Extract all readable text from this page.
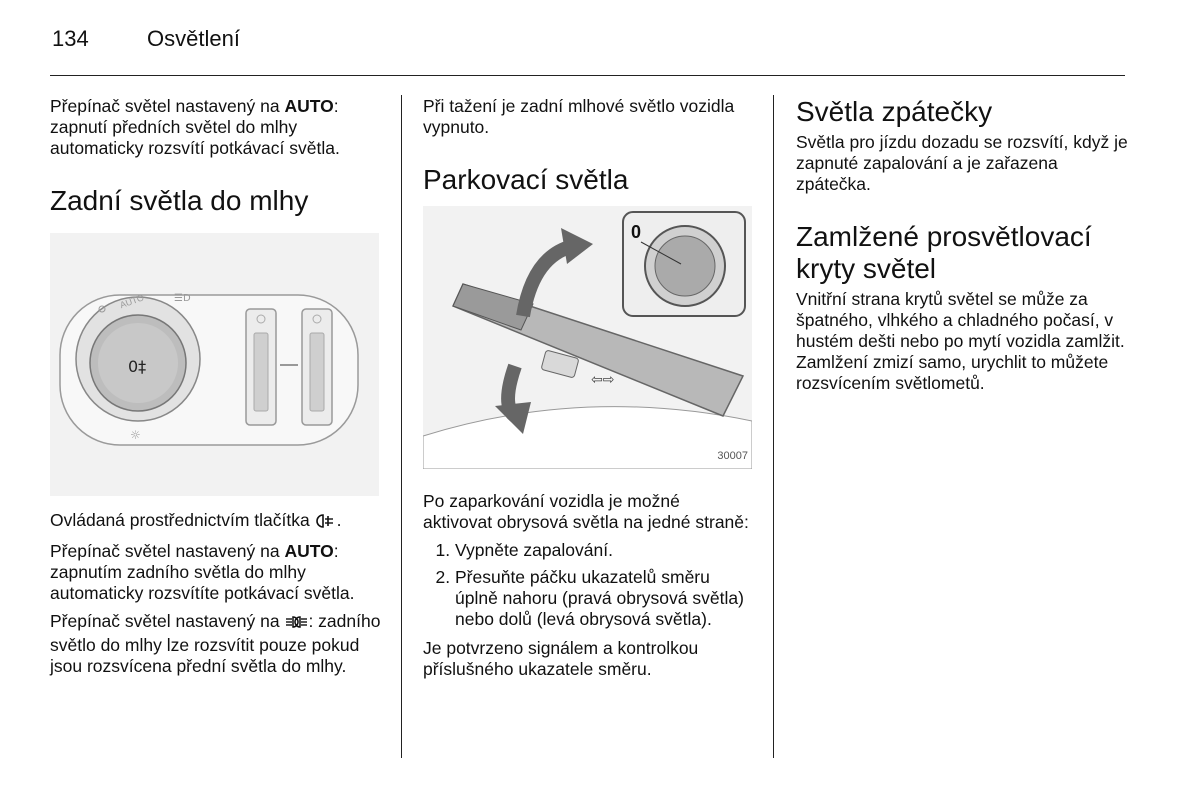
134	Osvětlení

Přepínač světel nastavený na AUTO: zapnutí předních světel do mlhy automaticky rozsvítí potkávací světla.

Zadní světla do mlhy
AUTO	☰D
0‡
☼

Ovládaná prostřednictvím tlačítka .

Přepínač světel nastavený na AUTO: zapnutím zadního světla do mlhy automaticky rozsvítíte potkávací světla.

Přepínač světel nastavený na : zadního světlo do mlhy lze rozsvítit pouze pokud jsou rozsvícena přední světla do mlhy.

Při tažení je zadní mlhové světlo vozidla vypnuto.

Parkovací světla
⇦⇨
0
30007

Po zaparkování vozidla je možné aktivovat obrysová světla na jedné straně:

1. Vypněte zapalování.
2. Přesuňte páčku ukazatelů směru úplně nahoru (pravá obrysová světla) nebo dolů (levá obrysová světla).

Je potvrzeno signálem a kontrolkou příslušného ukazatele směru.

Světla zpátečky

Světla pro jízdu dozadu se rozsvítí, když je zapnuté zapalování a je zařazena zpátečka.

Zamlžené prosvětlovací kryty světel

Vnitřní strana krytů světel se může za špatného, vlhkého a chladného počasí, v hustém dešti nebo po mytí vozidla zamlžit. Zamlžení zmizí samo, urychlit to můžete rozsvícením světlometů.
